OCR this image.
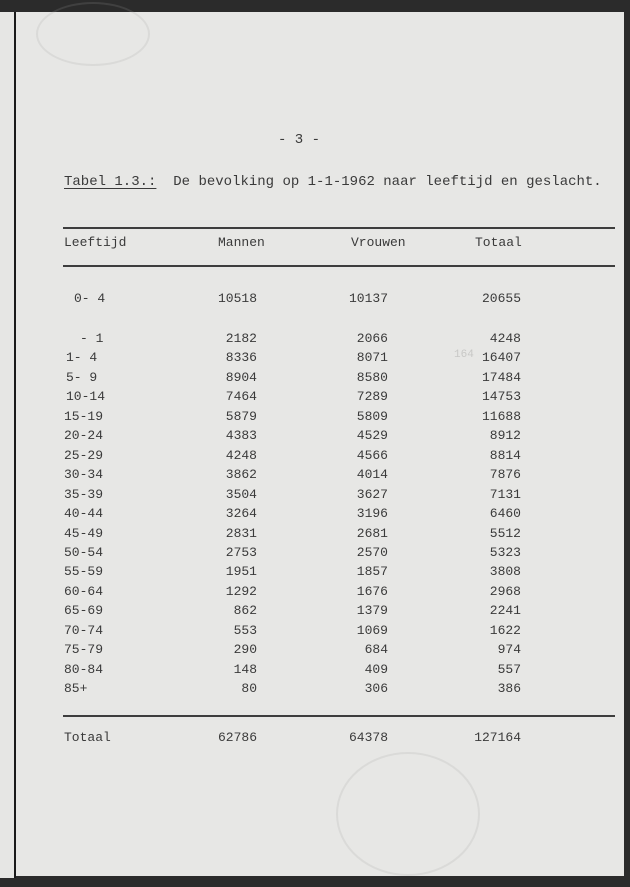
- 3 -
Tabel 1.3.: De bevolking op 1-1-1962 naar leeftijd en geslacht.
Leeftijd	Mannen	Vrouwen	Totaal
0- 4	10518	10137	20655
164
- 1	2182	2066	4248
1- 4	8336	8071	16407
5- 9	8904	8580	17484
10-14	7464	7289	14753
15-19	5879	5809	11688
20-24	4383	4529	8912
25-29	4248	4566	8814
30-34	3862	4014	7876
35-39	3504	3627	7131
40-44	3264	3196	6460
45-49	2831	2681	5512
50-54	2753	2570	5323
55-59	1951	1857	3808
60-64	1292	1676	2968
65-69	862	1379	2241
70-74	553	1069	1622
75-79	290	684	974
80-84	148	409	557
85+	80	306	386
Totaal	62786	64378	127164
